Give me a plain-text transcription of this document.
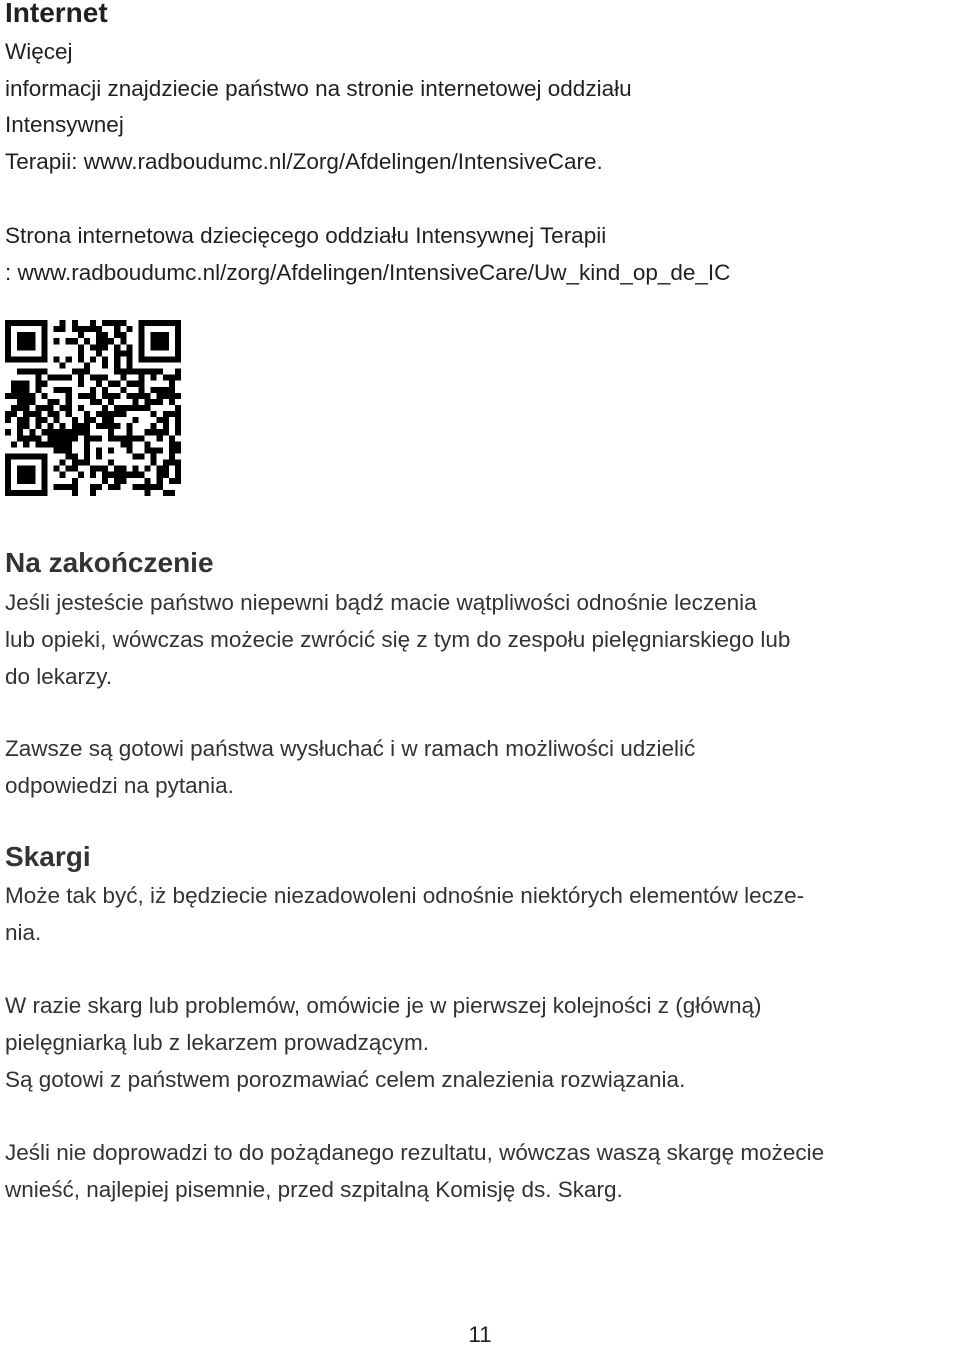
Internet

Więcej
informacji znajdziecie państwo na stronie internetowej oddziału
Intensywnej
Terapii: www.radboudumc.nl/Zorg/Afdelingen/IntensiveCare.

Strona internetowa dziecięcego oddziału Intensywnej Terapii
: www.radboudumc.nl/zorg/Afdelingen/IntensiveCare/Uw_kind_op_de_IC

Na zakończenie

Jeśli jesteście państwo niepewni bądź macie wątpliwości odnośnie leczenia
lub opieki, wówczas możecie zwrócić się z tym do zespołu pielęgniarskiego lub
do lekarzy.

Zawsze są gotowi państwa wysłuchać i w ramach możliwości udzielić
odpowiedzi na pytania.

Skargi

Może tak być, iż będziecie niezadowoleni odnośnie niektórych elementów lecze-
nia.

W razie skarg lub problemów, omówicie je w pierwszej kolejności z (główną)
pielęgniarką lub z lekarzem prowadzącym.
Są gotowi z państwem porozmawiać celem znalezienia rozwiązania.

Jeśli nie doprowadzi to do pożądanego rezultatu, wówczas waszą skargę możecie
wnieść, najlepiej pisemnie, przed szpitalną Komisję ds. Skarg.

11
